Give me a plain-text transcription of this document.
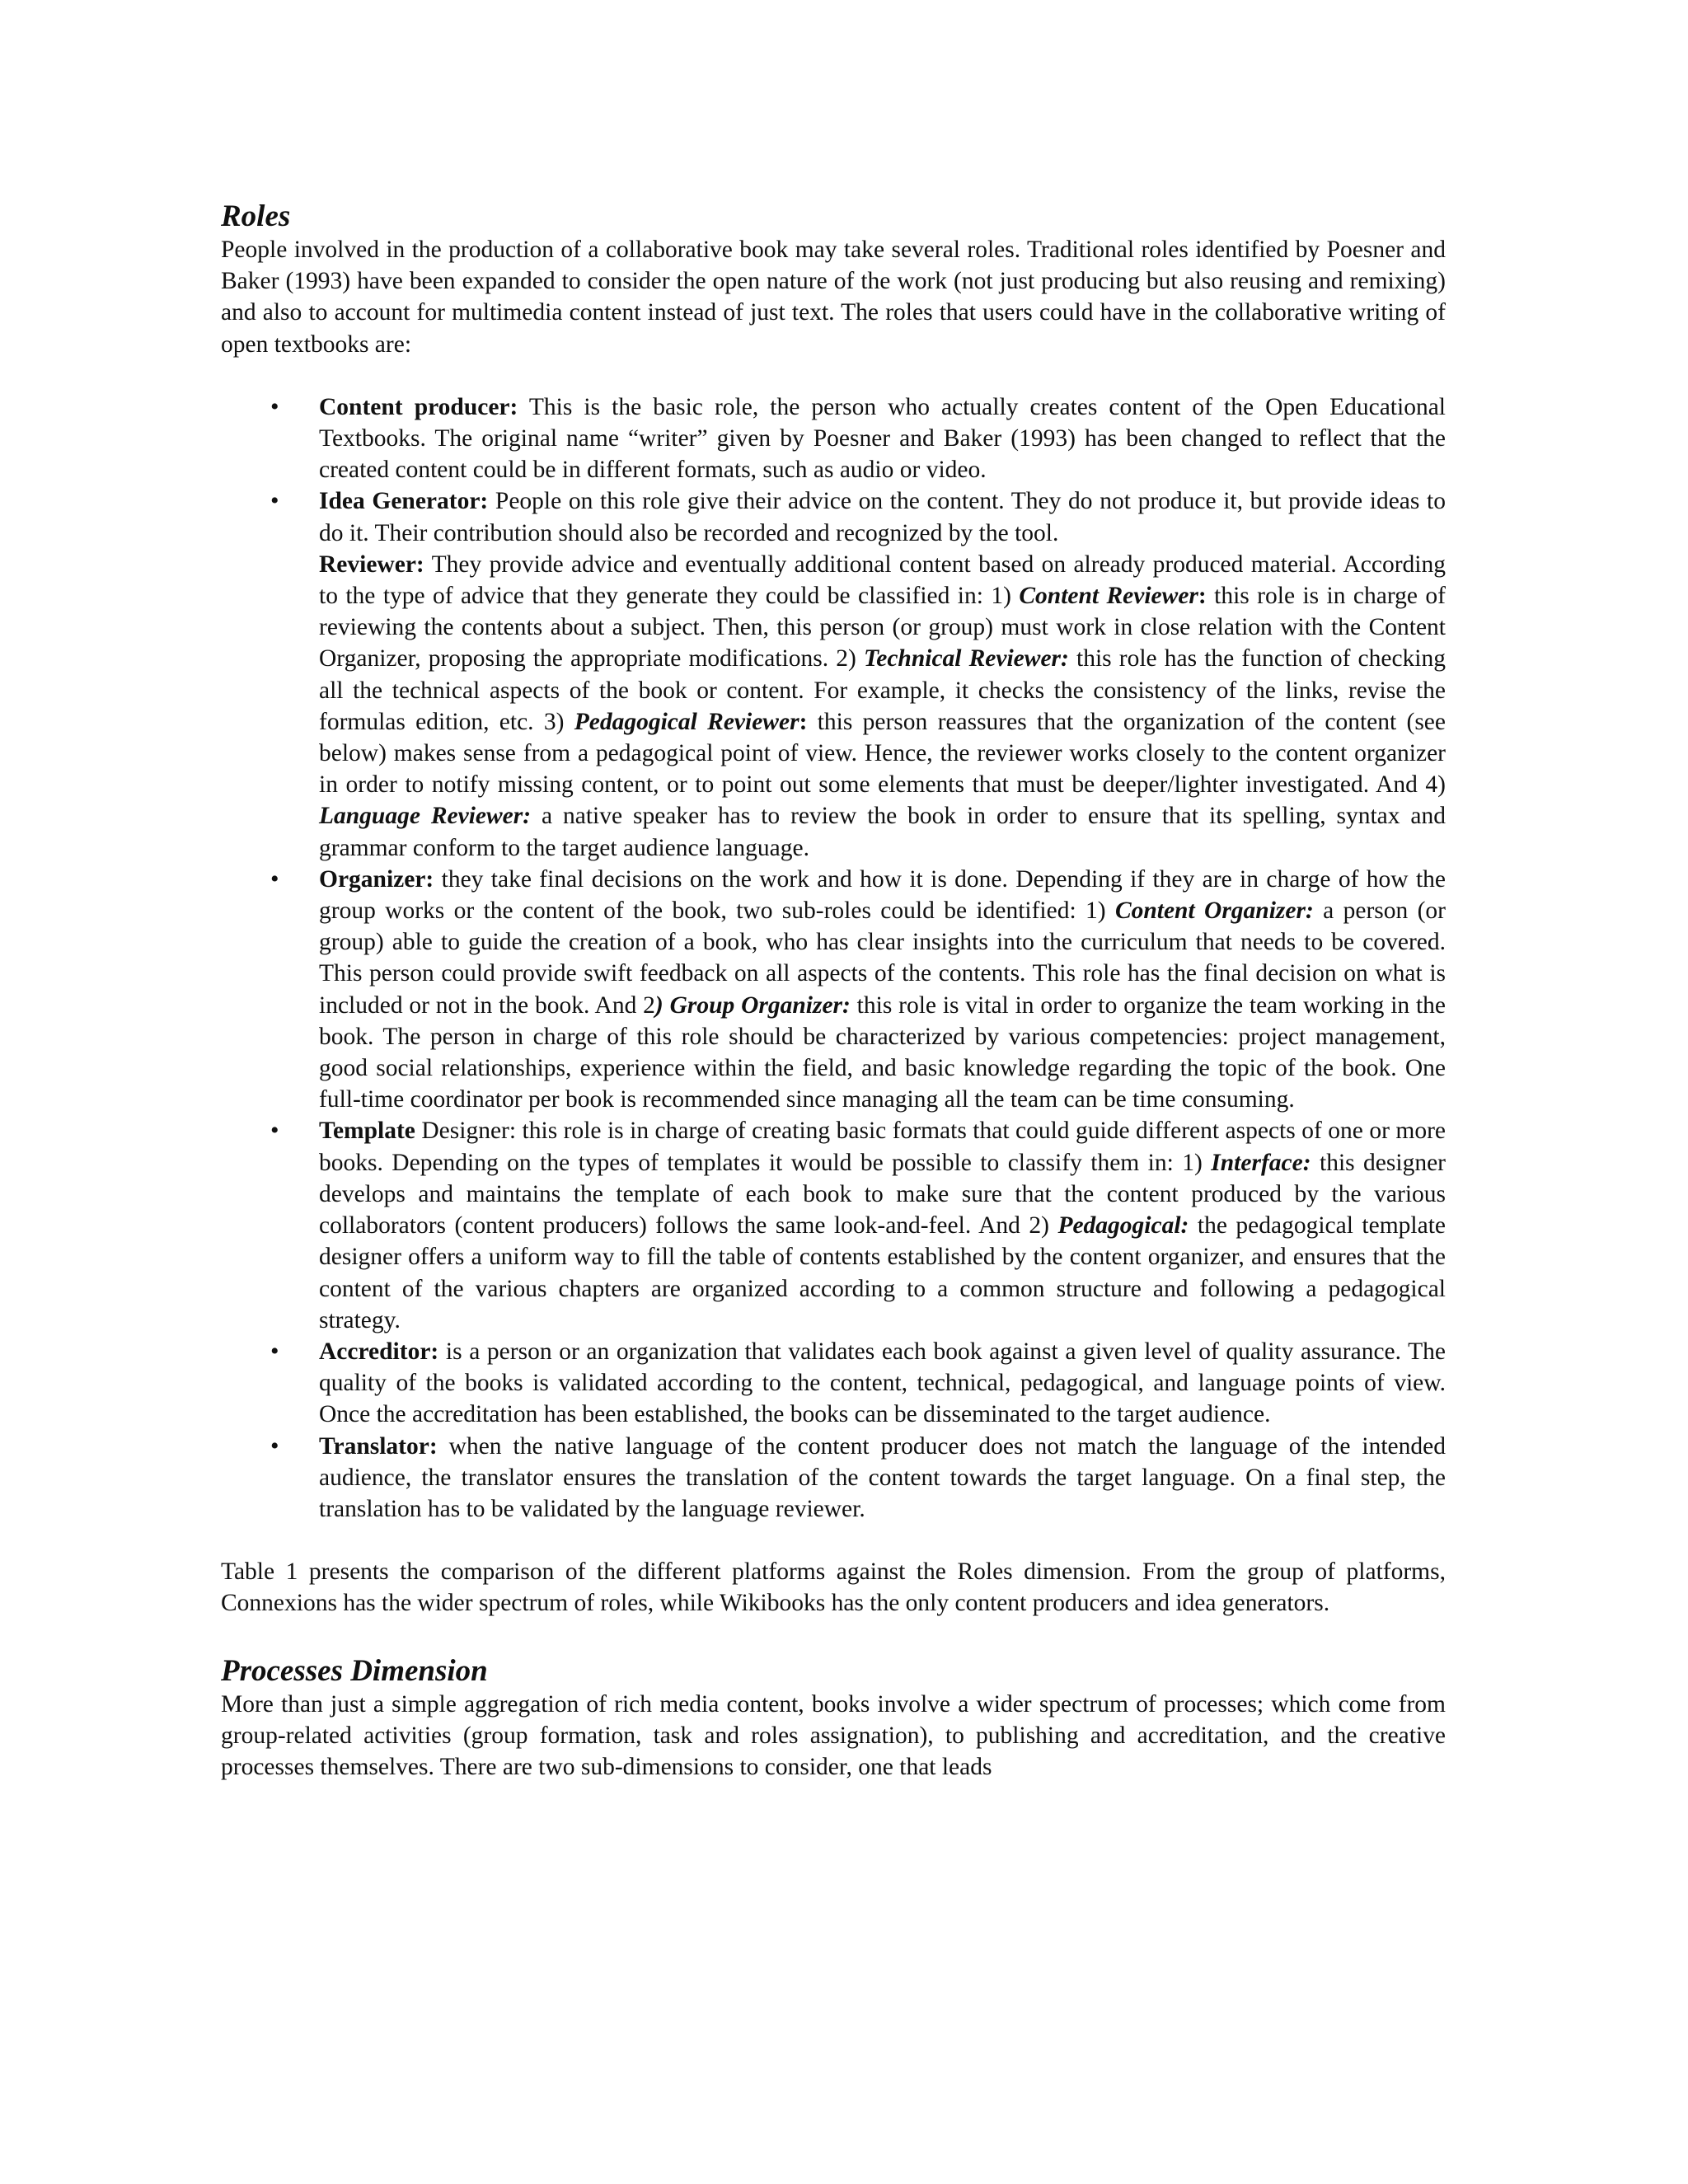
Roles

People involved in the production of a collaborative book may take several roles. Traditional roles identified by Poesner and Baker (1993) have been expanded to consider the open nature of the work (not just producing but also reusing and remixing) and also to account for multimedia content instead of just text. The roles that users could have in the collaborative writing of open textbooks are:

• Content producer: This is the basic role, the person who actually creates content of the Open Educational Textbooks. The original name “writer” given by Poesner and Baker (1993) has been changed to reflect that the created content could be in different formats, such as audio or video.
• Idea Generator: People on this role give their advice on the content. They do not produce it, but provide ideas to do it. Their contribution should also be recorded and recognized by the tool.
Reviewer: They provide advice and eventually additional content based on already produced material. According to the type of advice that they generate they could be classified in: 1) Content Reviewer: this role is in charge of reviewing the contents about a subject. Then, this person (or group) must work in close relation with the Content Organizer, proposing the appropriate modifications. 2) Technical Reviewer: this role has the function of checking all the technical aspects of the book or content. For example, it checks the consistency of the links, revise the formulas edition, etc. 3) Pedagogical Reviewer: this person reassures that the organization of the content (see below) makes sense from a pedagogical point of view. Hence, the reviewer works closely to the content organizer in order to notify missing content, or to point out some elements that must be deeper/lighter investigated. And 4) Language Reviewer: a native speaker has to review the book in order to ensure that its spelling, syntax and grammar conform to the target audience language.
• Organizer: they take final decisions on the work and how it is done. Depending if they are in charge of how the group works or the content of the book, two sub-roles could be identified: 1) Content Organizer: a person (or group) able to guide the creation of a book, who has clear insights into the curriculum that needs to be covered. This person could provide swift feedback on all aspects of the contents. This role has the final decision on what is included or not in the book. And 2) Group Organizer: this role is vital in order to organize the team working in the book. The person in charge of this role should be characterized by various competencies: project management, good social relationships, experience within the field, and basic knowledge regarding the topic of the book. One full-time coordinator per book is recommended since managing all the team can be time consuming.
• Template Designer: this role is in charge of creating basic formats that could guide different aspects of one or more books. Depending on the types of templates it would be possible to classify them in: 1) Interface: this designer develops and maintains the template of each book to make sure that the content produced by the various collaborators (content producers) follows the same look-and-feel. And 2) Pedagogical: the pedagogical template designer offers a uniform way to fill the table of contents established by the content organizer, and ensures that the content of the various chapters are organized according to a common structure and following a pedagogical strategy.
• Accreditor: is a person or an organization that validates each book against a given level of quality assurance. The quality of the books is validated according to the content, technical, pedagogical, and language points of view. Once the accreditation has been established, the books can be disseminated to the target audience.
• Translator: when the native language of the content producer does not match the language of the intended audience, the translator ensures the translation of the content towards the target language. On a final step, the translation has to be validated by the language reviewer.

Table 1 presents the comparison of the different platforms against the Roles dimension. From the group of platforms, Connexions has the wider spectrum of roles, while Wikibooks has the only content producers and idea generators.

Processes Dimension

More than just a simple aggregation of rich media content, books involve a wider spectrum of processes; which come from group-related activities (group formation, task and roles assignation), to publishing and accreditation, and the creative processes themselves. There are two sub-dimensions to consider, one that leads
